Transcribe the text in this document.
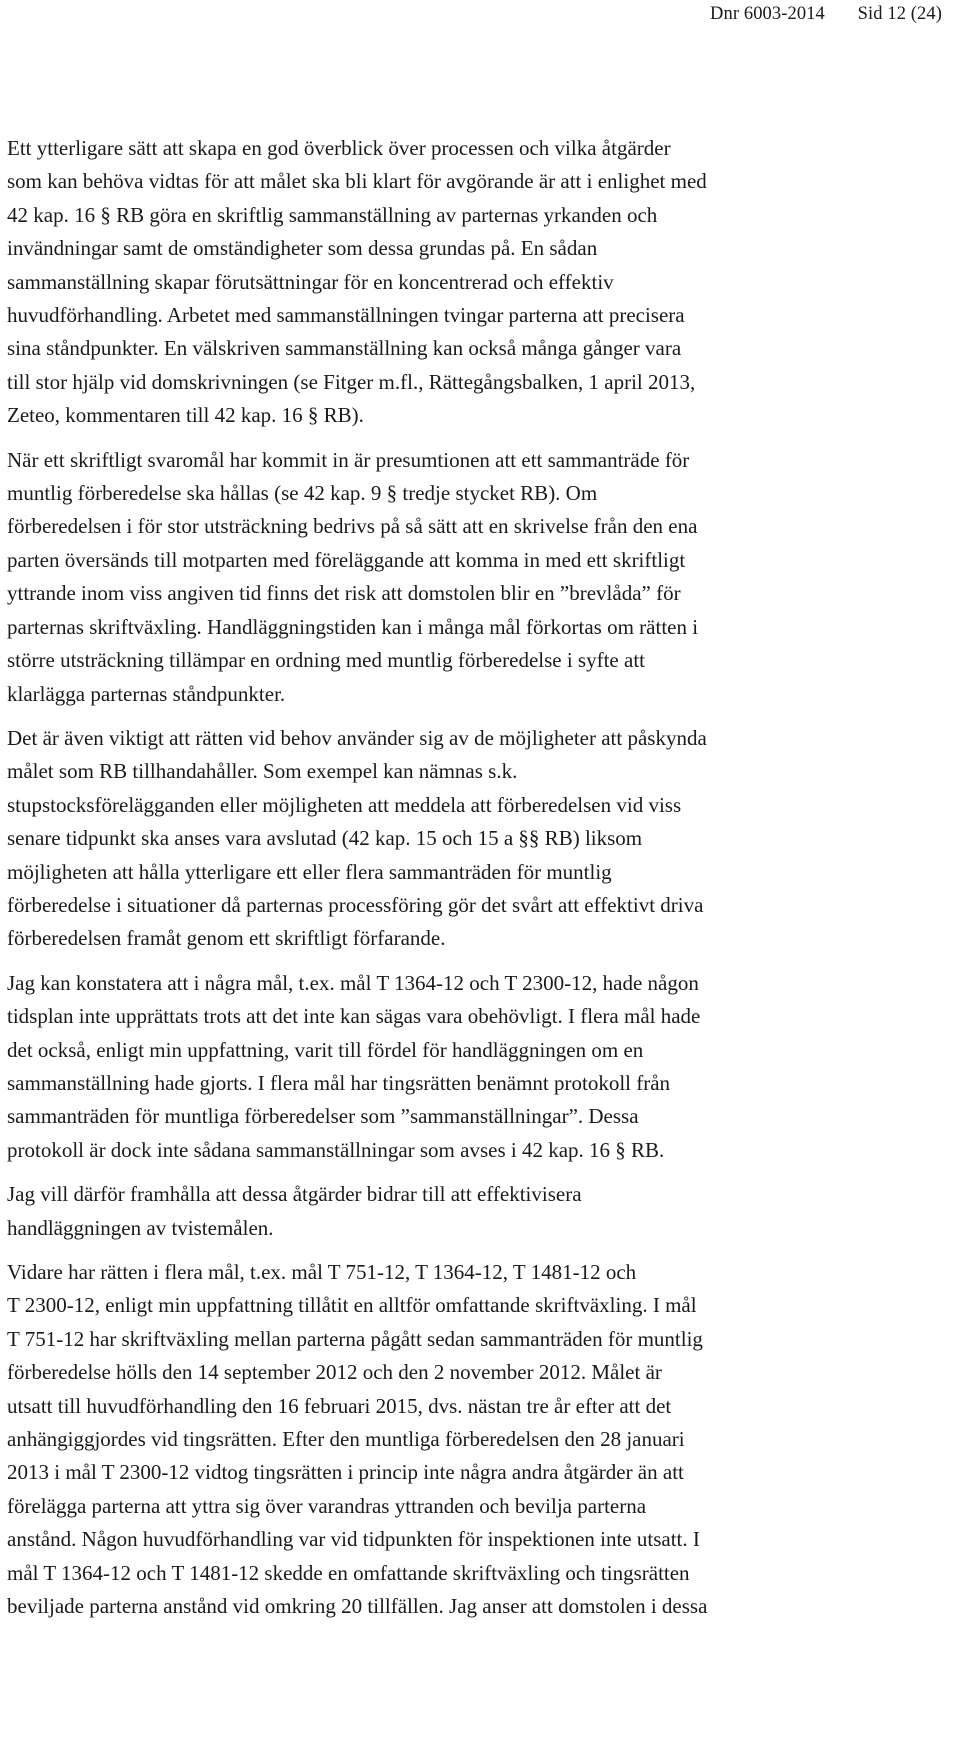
Dnr 6003-2014 Sid 12 (24)

Ett ytterligare sätt att skapa en god överblick över processen och vilka åtgärder
som kan behöva vidtas för att målet ska bli klart för avgörande är att i enlighet med
42 kap. 16 § RB göra en skriftlig sammanställning av parternas yrkanden och
invändningar samt de omständigheter som dessa grundas på. En sådan
sammanställning skapar förutsättningar för en koncentrerad och effektiv
huvudförhandling. Arbetet med sammanställningen tvingar parterna att precisera
sina ståndpunkter. En välskriven sammanställning kan också många gånger vara
till stor hjälp vid domskrivningen (se Fitger m.fl., Rättegångsbalken, 1 april 2013,
Zeteo, kommentaren till 42 kap. 16 § RB).

När ett skriftligt svaromål har kommit in är presumtionen att ett sammanträde för
muntlig förberedelse ska hållas (se 42 kap. 9 § tredje stycket RB). Om
förberedelsen i för stor utsträckning bedrivs på så sätt att en skrivelse från den ena
parten översänds till motparten med föreläggande att komma in med ett skriftligt
yttrande inom viss angiven tid finns det risk att domstolen blir en ”brevlåda” för
parternas skriftväxling. Handläggningstiden kan i många mål förkortas om rätten i
större utsträckning tillämpar en ordning med muntlig förberedelse i syfte att
klarlägga parternas ståndpunkter.

Det är även viktigt att rätten vid behov använder sig av de möjligheter att påskynda
målet som RB tillhandahåller. Som exempel kan nämnas s.k.
stupstocksförelägganden eller möjligheten att meddela att förberedelsen vid viss
senare tidpunkt ska anses vara avslutad (42 kap. 15 och 15 a §§ RB) liksom
möjligheten att hålla ytterligare ett eller flera sammanträden för muntlig
förberedelse i situationer då parternas processföring gör det svårt att effektivt driva
förberedelsen framåt genom ett skriftligt förfarande.

Jag kan konstatera att i några mål, t.ex. mål T 1364-12 och T 2300-12, hade någon
tidsplan inte upprättats trots att det inte kan sägas vara obehövligt. I flera mål hade
det också, enligt min uppfattning, varit till fördel för handläggningen om en
sammanställning hade gjorts. I flera mål har tingsrätten benämnt protokoll från
sammanträden för muntliga förberedelser som ”sammanställningar”. Dessa
protokoll är dock inte sådana sammanställningar som avses i 42 kap. 16 § RB.

Jag vill därför framhålla att dessa åtgärder bidrar till att effektivisera
handläggningen av tvistemålen.

Vidare har rätten i flera mål, t.ex. mål T 751-12, T 1364-12, T 1481-12 och
T 2300-12, enligt min uppfattning tillåtit en alltför omfattande skriftväxling. I mål
T 751-12 har skriftväxling mellan parterna pågått sedan sammanträden för muntlig
förberedelse hölls den 14 september 2012 och den 2 november 2012. Målet är
utsatt till huvudförhandling den 16 februari 2015, dvs. nästan tre år efter att det
anhängiggjordes vid tingsrätten. Efter den muntliga förberedelsen den 28 januari
2013 i mål T 2300-12 vidtog tingsrätten i princip inte några andra åtgärder än att
förelägga parterna att yttra sig över varandras yttranden och bevilja parterna
anstånd. Någon huvudförhandling var vid tidpunkten för inspektionen inte utsatt. I
mål T 1364-12 och T 1481-12 skedde en omfattande skriftväxling och tingsrätten
beviljade parterna anstånd vid omkring 20 tillfällen. Jag anser att domstolen i dessa
